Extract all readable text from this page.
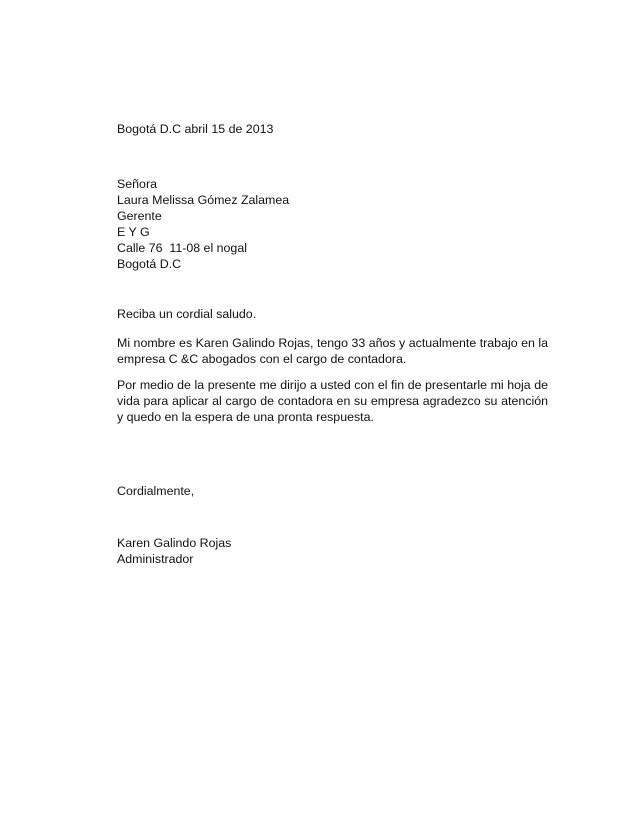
Bogotá D.C abril 15 de 2013
Señora
Laura Melissa Gómez Zalamea
Gerente
E Y G
Calle 76  11-08 el nogal
Bogotá D.C
Reciba un cordial saludo.
Mi nombre es Karen Galindo Rojas, tengo 33 años y actualmente trabajo en la empresa C &C abogados con el cargo de contadora.
Por medio de la presente me dirijo a usted con el fin de presentarle mi hoja de vida para aplicar al cargo de contadora en su empresa agradezco su atención y quedo en la espera de una pronta respuesta.
Cordialmente,
Karen Galindo Rojas
Administrador
